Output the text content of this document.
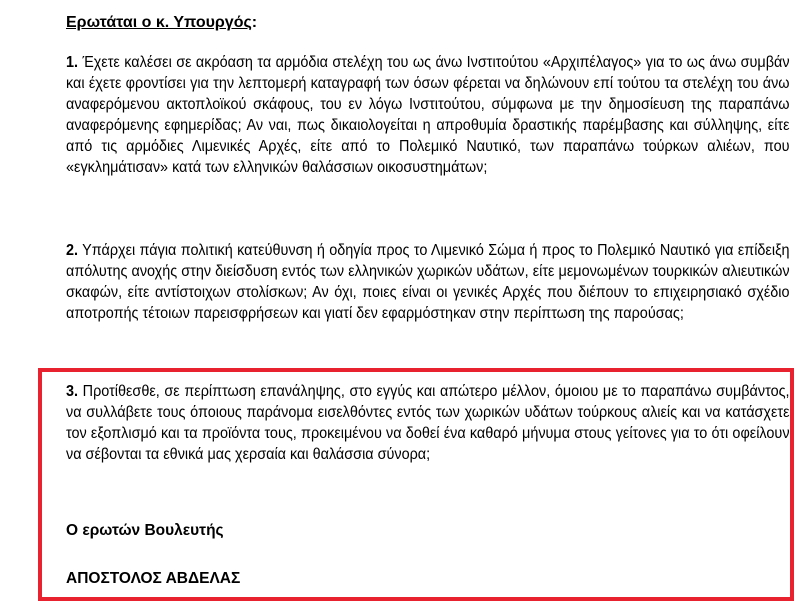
Ερωτάται ο κ. Υπουργός:
1. Έχετε καλέσει σε ακρόαση τα αρμόδια στελέχη του ως άνω Ινστιτούτου «Αρχιπέλαγος» για το ως άνω συμβάν και έχετε φροντίσει για την λεπτομερή καταγραφή των όσων φέρεται να δηλώνουν επί τούτου τα στελέχη του άνω αναφερόμενου ακτοπλοϊκού σκάφους, του εν λόγω Ινστιτούτου, σύμφωνα με την δημοσίευση της παραπάνω αναφερόμενης εφημερίδας; Αν ναι, πως δικαιολογείται η απροθυμία δραστικής παρέμβασης και σύλληψης, είτε από τις αρμόδιες Λιμενικές Αρχές, είτε από το Πολεμικό Ναυτικό, των παραπάνω τούρκων αλιέων, που «εγκλημάτισαν» κατά των ελληνικών θαλάσσιων οικοσυστημάτων;
2. Υπάρχει πάγια πολιτική κατεύθυνση ή οδηγία προς το Λιμενικό Σώμα ή προς το Πολεμικό Ναυτικό για επίδειξη απόλυτης ανοχής στην διείσδυση εντός των ελληνικών χωρικών υδάτων, είτε μεμονωμένων τουρκικών αλιευτικών σκαφών, είτε αντίστοιχων στολίσκων; Αν όχι, ποιες είναι οι γενικές Αρχές που διέπουν το επιχειρησιακό σχέδιο αποτροπής τέτοιων παρεισφρήσεων και γιατί δεν εφαρμόστηκαν στην περίπτωση της παρούσας;
3. Προτίθεσθε, σε περίπτωση επανάληψης, στο εγγύς και απώτερο μέλλον, όμοιου με το παραπάνω συμβάντος, να συλλάβετε τους όποιους παράνομα εισελθόντες εντός των χωρικών υδάτων τούρκους αλιείς και να κατάσχετε τον εξοπλισμό και τα προϊόντα τους, προκειμένου να δοθεί ένα καθαρό μήνυμα στους γείτονες για το ότι οφείλουν να σέβονται τα εθνικά μας χερσαία και θαλάσσια σύνορα;
Ο ερωτών Βουλευτής
ΑΠΟΣΤΟΛΟΣ ΑΒΔΕΛΑΣ
